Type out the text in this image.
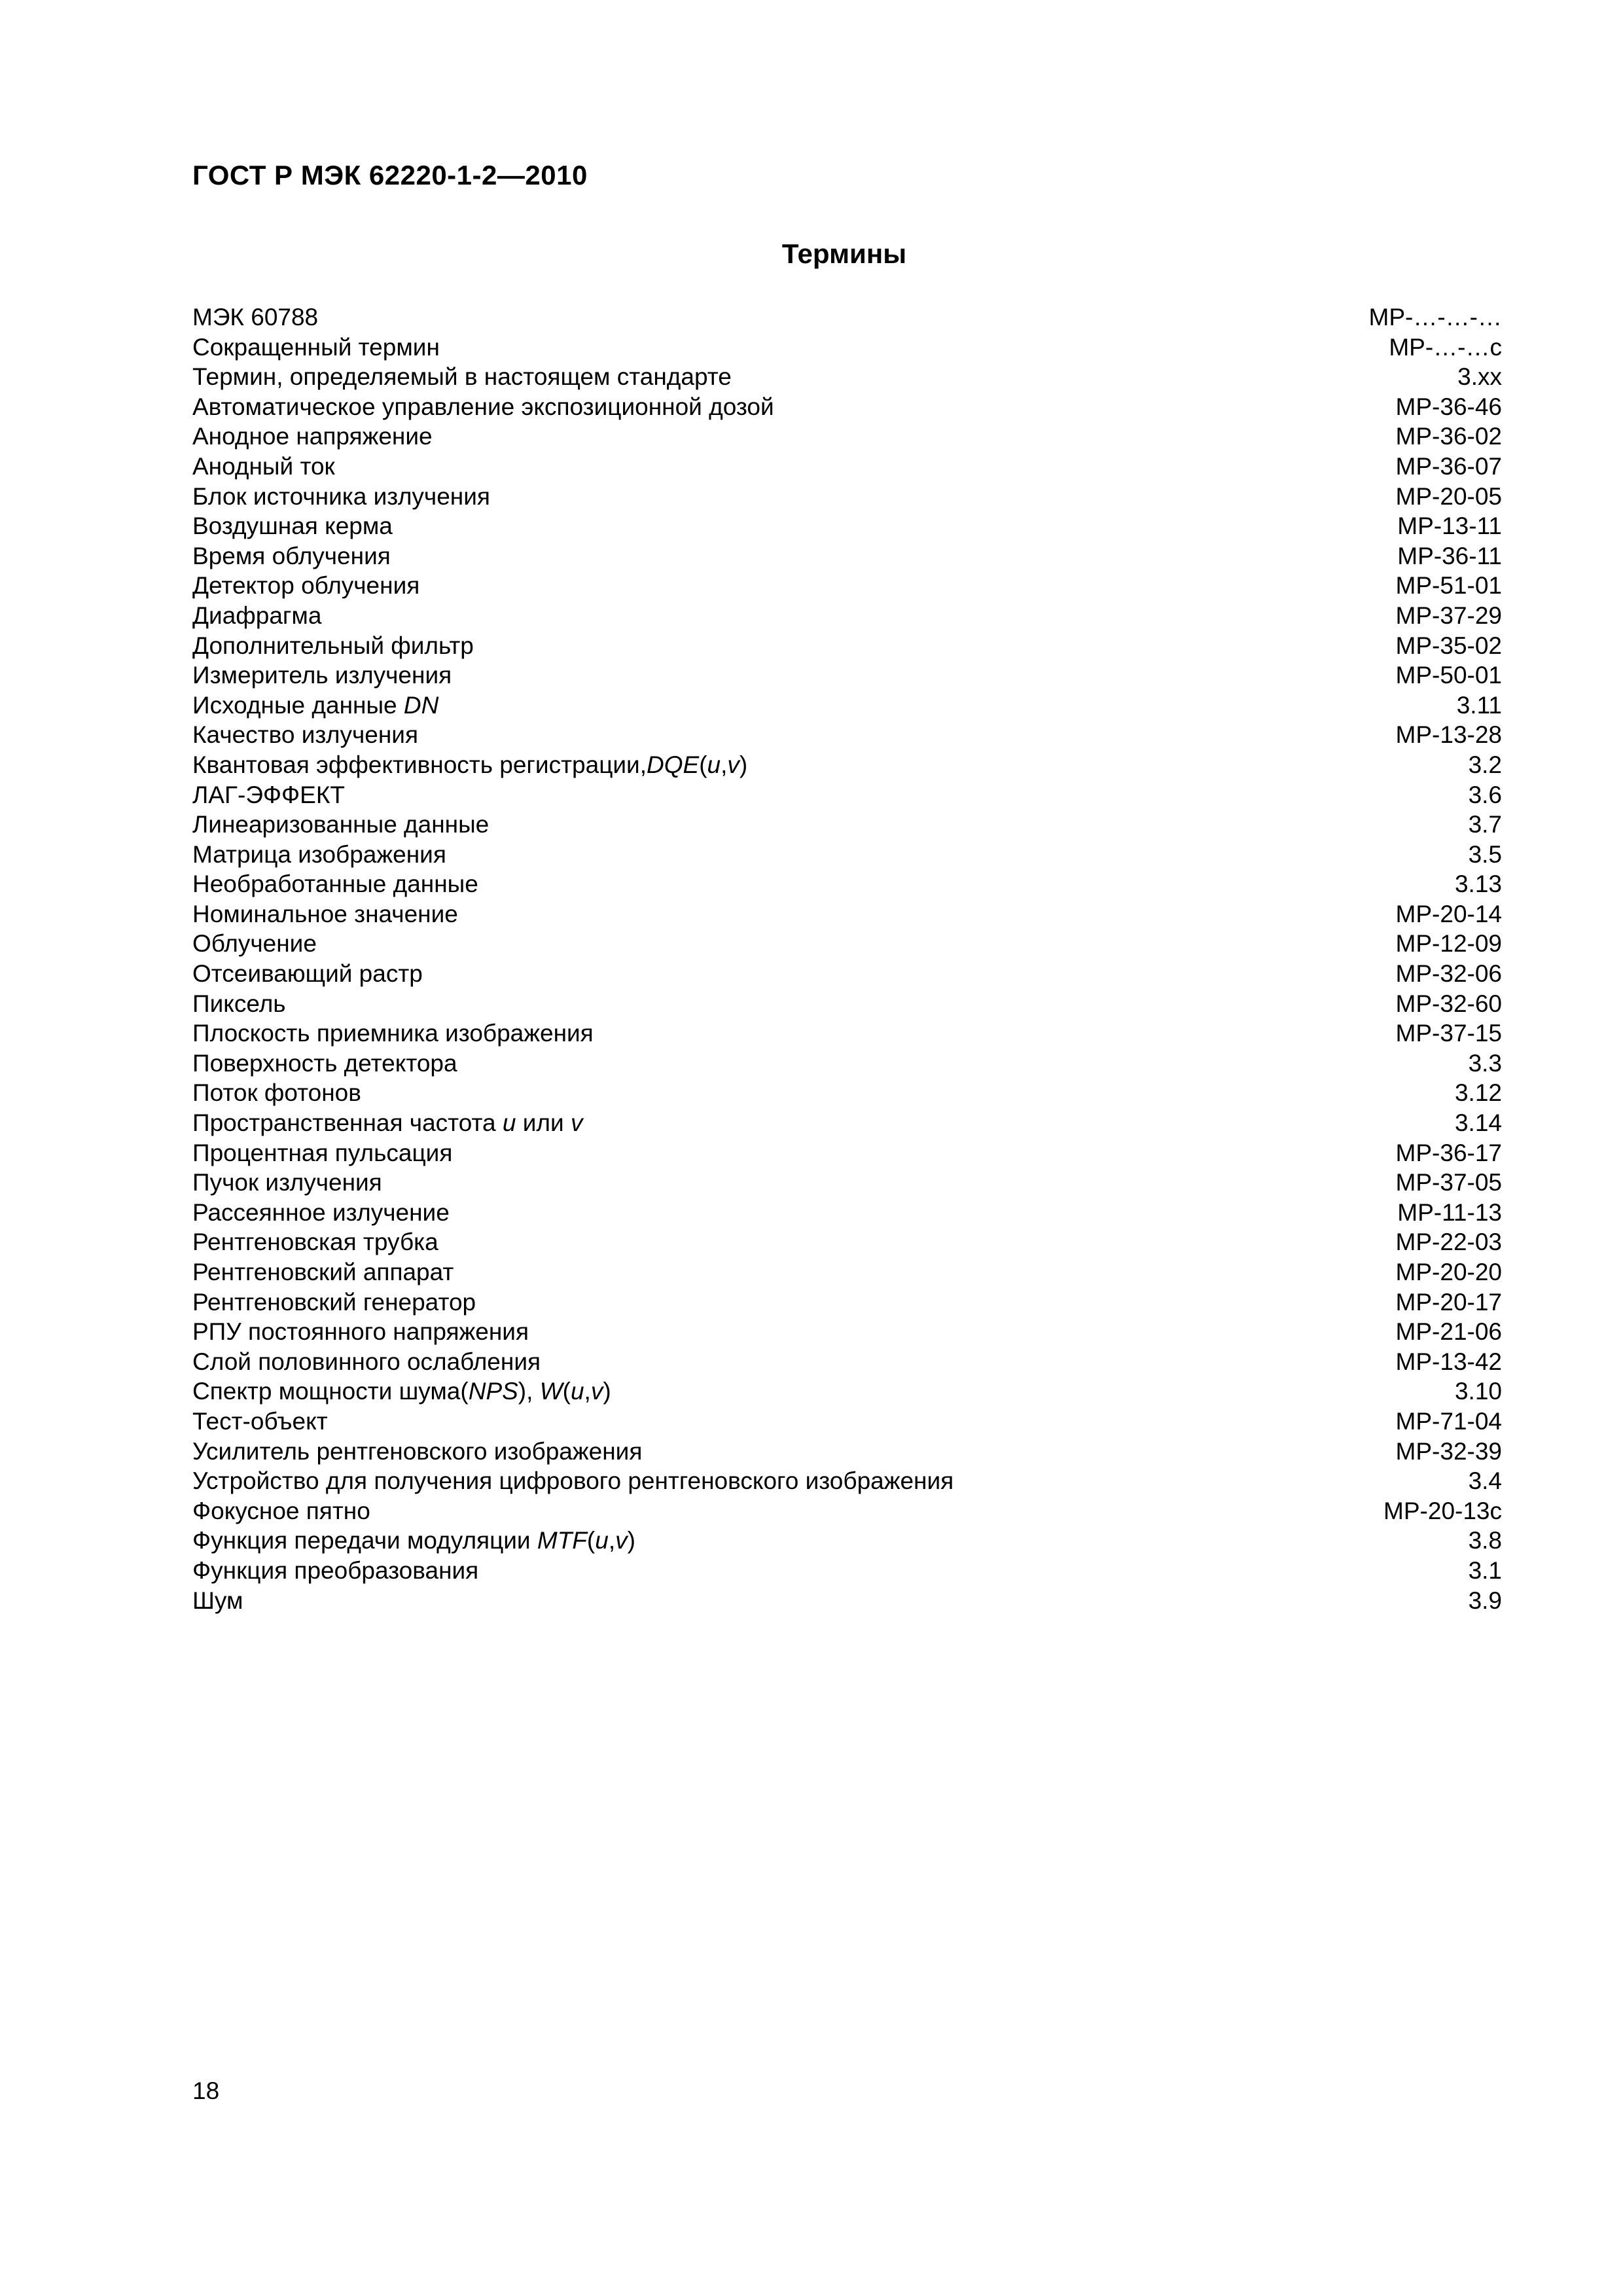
ГОСТ Р МЭК 62220-1-2—2010
Термины
МЭК 60788	МР-…-…-…
Сокращенный термин	МР-…-…с
Термин, определяемый в настоящем стандарте	3.хх
Автоматическое управление экспозиционной дозой	МР-36-46
Анодное напряжение	МР-36-02
Анодный ток	МР-36-07
Блок источника излучения	МР-20-05
Воздушная керма	МР-13-11
Время облучения	МР-36-11
Детектор облучения	МР-51-01
Диафрагма	МР-37-29
Дополнительный фильтр	МР-35-02
Измеритель излучения	МР-50-01
Исходные данные DN	3.11
Качество излучения	МР-13-28
Квантовая эффективность регистрации,DQE(u,v)	3.2
ЛАГ-ЭФФЕКТ	3.6
Линеаризованные данные	3.7
Матрица изображения	3.5
Необработанные данные	3.13
Номинальное значение	МР-20-14
Облучение	МР-12-09
Отсеивающий растр	МР-32-06
Пиксель	МР-32-60
Плоскость приемника изображения	МР-37-15
Поверхность детектора	3.3
Поток фотонов	3.12
Пространственная частота u или v	3.14
Процентная пульсация	МР-36-17
Пучок излучения	МР-37-05
Рассеянное излучение	МР-11-13
Рентгеновская трубка	МР-22-03
Рентгеновский аппарат	МР-20-20
Рентгеновский генератор	МР-20-17
РПУ постоянного напряжения	МР-21-06
Слой половинного ослабления	МР-13-42
Спектр мощности шума(NPS), W(u,v)	3.10
Тест-объект	МР-71-04
Усилитель рентгеновского изображения	МР-32-39
Устройство для получения цифрового рентгеновского изображения	3.4
Фокусное пятно	МР-20-13с
Функция передачи модуляции MTF(u,v)	3.8
Функция преобразования	3.1
Шум	3.9
18
